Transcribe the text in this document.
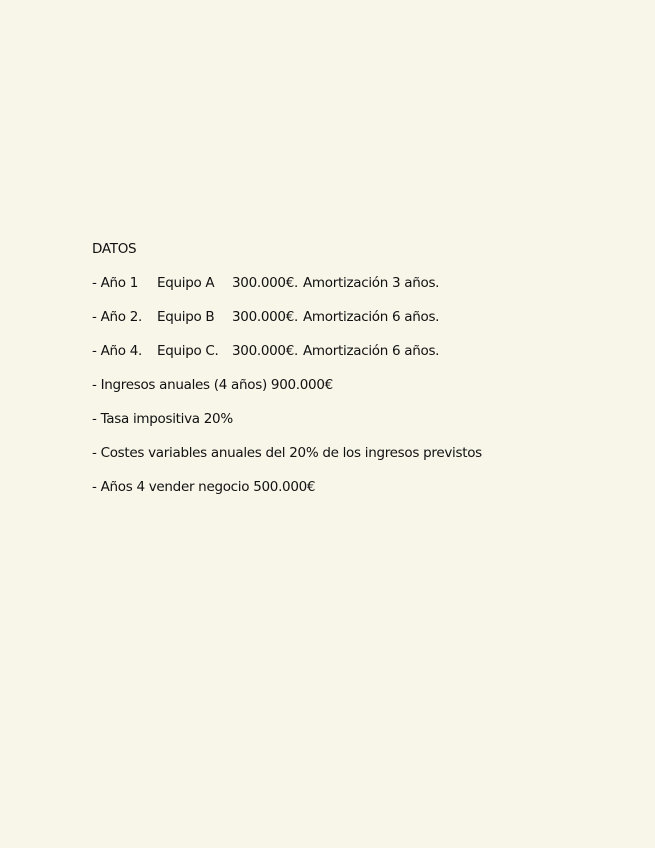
DATOS
- Año 1	Equipo A	300.000€. Amortización 3 años.
- Año 2.	Equipo B	300.000€. Amortización 6 años.
- Año 4.	Equipo C. 300.000€. Amortización 6 años.
- Ingresos anuales (4 años) 900.000€
- Tasa impositiva 20%
- Costes variables anuales del 20% de los ingresos previstos
- Años 4 vender negocio 500.000€
